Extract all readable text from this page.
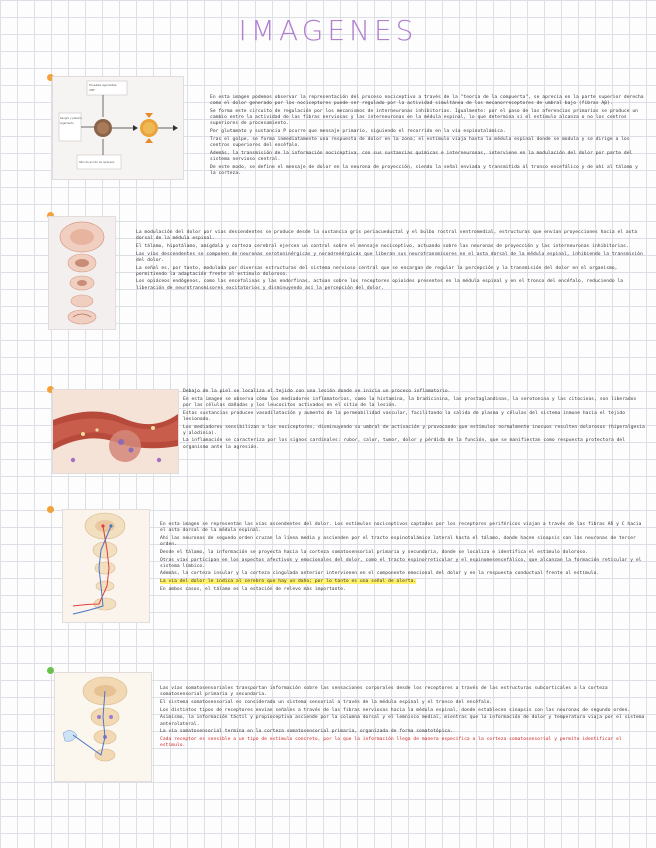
IMAGENES
Pruebas agonistas
CRF
Sangre y plasma
Lígamento
Sitio de acción de opiáceos

En esta imagen podemos observar la representación del proceso nociceptivo a través de la "teoría de la compuerta", se aprecia en la parte superior derecha como el dolor generado por los nociceptores puede ser regulado por la actividad simultánea de los mecanorreceptores de umbral bajo (fibras Aβ).

Se forma este circuito de regulación por los mecanismos de interneuronas inhibitorias. Igualmente: por el paso de las aferencias primarias se produce un cambio entre la actividad de las fibras nerviosas y las interneuronas en la médula espinal, lo que determina si el estímulo alcanza o no los centros superiores de procesamiento.

Por glutamato y sustancia P ocurre que mensaje primario, siguiendo el recorrido en la vía espinotalámica.

Tras el golpe, se forma inmediatamente una respuesta de dolor en la zona; el estímulo viaja hasta la médula espinal donde se modula y se dirige a los centros superiores del encéfalo.

Además, la transmisión de la información nociceptiva, con sus sustancias químicas e interneuronas, interviene en la modulación del dolor por parte del sistema nervioso central.

De este modo, se define el mensaje de dolor en la neurona de proyección, siendo la señal enviada y transmitida al tronco encefálico y de ahí al tálamo y la corteza.

La modulación del dolor por vías descendentes se produce desde la sustancia gris periacueductal y el bulbo rostral ventromedial, estructuras que envían proyecciones hacia el asta dorsal de la médula espinal.

El tálamo, hipotálamo, amígdala y corteza cerebral ejercen un control sobre el mensaje nociceptivo, actuando sobre las neuronas de proyección y las interneuronas inhibitorias.

Las vías descendentes se componen de neuronas serotoninérgicas y noradrenérgicas que liberan sus neurotransmisores en el asta dorsal de la médula espinal, inhibiendo la transmisión del dolor.

La señal es, por tanto, modulada por diversas estructuras del sistema nervioso central que se encargan de regular la percepción y la transmisión del dolor en el organismo, permitiendo la adaptación frente al estímulo doloroso.

Los opiáceos endógenos, como las encefalinas y las endorfinas, actúan sobre los receptores opioides presentes en la médula espinal y en el tronco del encéfalo, reduciendo la liberación de neurotransmisores excitatorios y disminuyendo así la percepción del dolor.

Debajo de la piel se localiza el tejido con una lesión donde se inicia un proceso inflamatorio.

En esta imagen se observa cómo los mediadores inflamatorios, como la histamina, la bradicinina, las prostaglandinas, la serotonina y las citocinas, son liberados por las células dañadas y los leucocitos activados en el sitio de la lesión.

Estas sustancias producen vasodilatación y aumento de la permeabilidad vascular, facilitando la salida de plasma y células del sistema inmune hacia el tejido lesionado.

Los mediadores sensibilizan a los nociceptores, disminuyendo su umbral de activación y provocando que estímulos normalmente inocuos resulten dolorosos (hiperalgesia y alodinia).

La inflamación se caracteriza por los signos cardinales: rubor, calor, tumor, dolor y pérdida de la función, que se manifiestan como respuesta protectora del organismo ante la agresión.

En esta imagen se representan las vías ascendentes del dolor. Los estímulos nociceptivos captados por los receptores periféricos viajan a través de las fibras Aδ y C hacia el asta dorsal de la médula espinal.

Ahí las neuronas de segundo orden cruzan la línea media y ascienden por el tracto espinotalámico lateral hasta el tálamo, donde hacen sinapsis con las neuronas de tercer orden.

Desde el tálamo, la información se proyecta hacia la corteza somatosensorial primaria y secundaria, donde se localiza e identifica el estímulo doloroso.

Otras vías participan en los aspectos afectivos y emocionales del dolor, como el tracto espinorreticular y el espinomesencefálico, que alcanzan la formación reticular y el sistema límbico.

Además, la corteza insular y la corteza cingulada anterior intervienen en el componente emocional del dolor y en la respuesta conductual frente al estímulo.

La vía del dolor le indica al cerebro que hay un daño; por lo tanto es una señal de alerta.

En ambos casos, el tálamo es la estación de relevo más importante.

Las vías somatosensoriales transportan información sobre las sensaciones corporales desde los receptores a través de las estructuras subcorticales a la corteza somatosensorial primaria y secundaria.

El sistema somatosensorial es considerado un sistema sensorial a través de la médula espinal y el tronco del encéfalo.

Los distintos tipos de receptores envían señales a través de las fibras nerviosas hacia la médula espinal, donde establecen sinapsis con las neuronas de segundo orden.

Asimismo, la información táctil y propioceptiva asciende por la columna dorsal y el lemnisco medial, mientras que la información de dolor y temperatura viaja por el sistema anterolateral.

La vía somatosensorial termina en la corteza somatosensorial primaria, organizada de forma somatotópica.

Cada receptor es sensible a un tipo de estímulo concreto, por lo que la información llega de manera específica a la corteza somatosensorial y permite identificar el estímulo.
